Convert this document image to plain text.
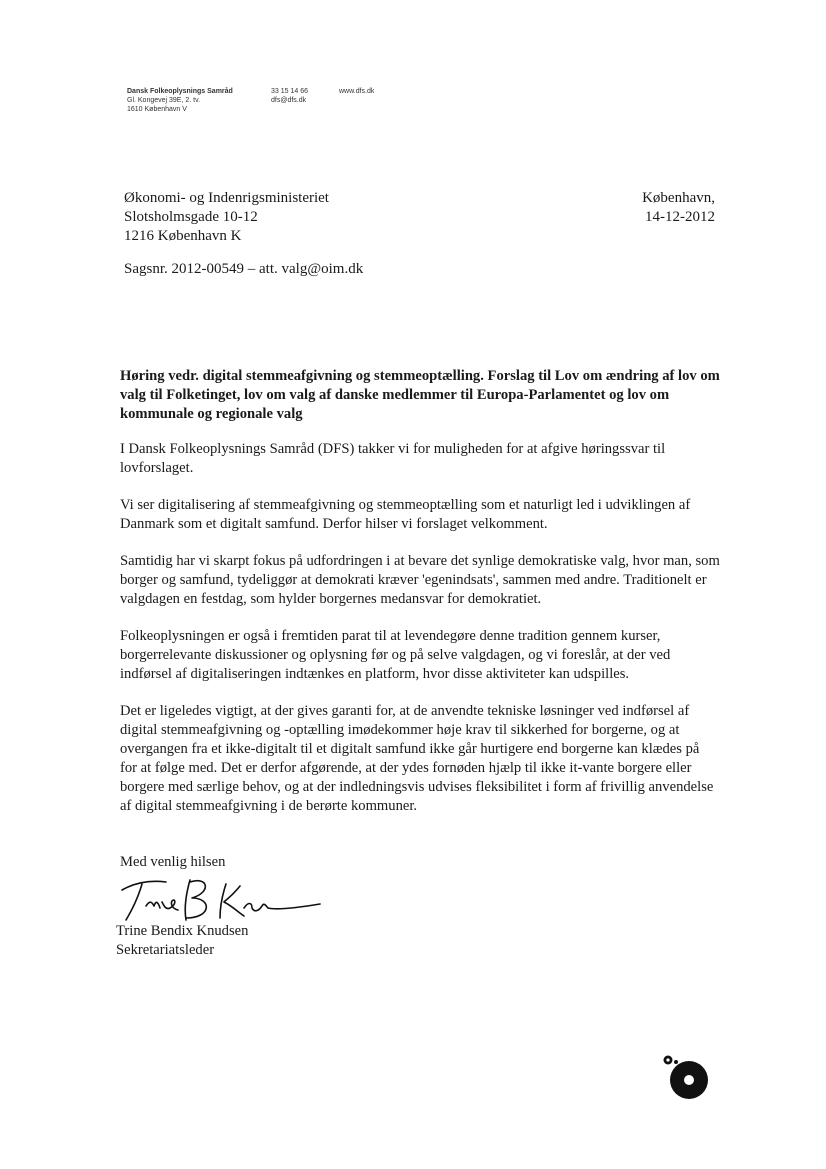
Dansk Folkeoplysnings Samråd
Gl. Kongevej 39E, 2. tv.
1610 København V
33 15 14 66
dfs@dfs.dk
www.dfs.dk
Økonomi- og Indenrigsministeriet
Slotsholmsgade 10-12
1216 København K
København,
14-12-2012
Sagsnr. 2012-00549 – att. valg@oim.dk
Høring vedr. digital stemmeafgivning og stemmeoptælling. Forslag til Lov om ændring af lov om valg til Folketinget, lov om valg af danske medlemmer til Europa-Parlamentet og lov om kommunale og regionale valg

I Dansk Folkeoplysnings Samråd (DFS) takker vi for muligheden for at afgive høringssvar til lovforslaget.

Vi ser digitalisering af stemmeafgivning og stemmeoptælling som et naturligt led i udviklingen af Danmark som et digitalt samfund. Derfor hilser vi forslaget velkomment.

Samtidig har vi skarpt fokus på udfordringen i at bevare det synlige demokratiske valg, hvor man, som borger og samfund, tydeliggør at demokrati kræver 'egenindsats', sammen med andre. Traditionelt er valgdagen en festdag, som hylder borgernes medansvar for demokratiet.

Folkeoplysningen er også i fremtiden parat til at levendegøre denne tradition gennem kurser, borgerrelevante diskussioner og oplysning før og på selve valgdagen, og vi foreslår, at der ved indførsel af digitaliseringen indtænkes en platform, hvor disse aktiviteter kan udspilles.

Det er ligeledes vigtigt, at der gives garanti for, at de anvendte tekniske løsninger ved indførsel af digital stemmeafgivning og -optælling imødekommer høje krav til sikkerhed for borgerne, og at overgangen fra et ikke-digitalt til et digitalt samfund ikke går hurtigere end borgerne kan klædes på for at følge med. Det er derfor afgørende, at der ydes fornøden hjælp til ikke it-vante borgere eller borgere med særlige behov, og at der indledningsvis udvises fleksibilitet i form af frivillig anvendelse af digital stemmeafgivning i de berørte kommuner.

Med venlig hilsen
Trine Bendix Knudsen
Sekretariatsleder
